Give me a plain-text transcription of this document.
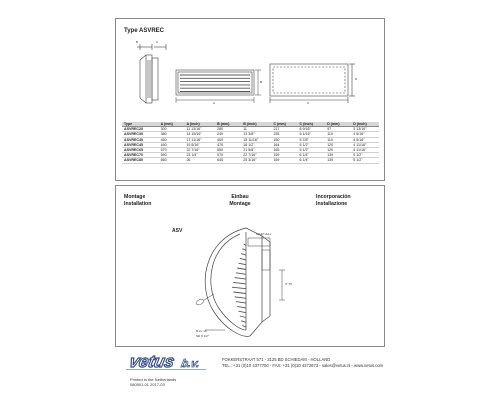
Type ASVREC
B	A
A
B
C
D
Type	A (mm)	A (inch)	B (mm)	B (inch)	C (mm)	C (inch)	D (mm)	D (inch)
ASVREC20	300	11 13/16"	280	11	217	8 9/16"	97	3 13/16"
ASVREC30	380	14 15/16"	240	13 3/8"	235	5 1/16"	110	4 5/16"
ASVREC40	450	17 11/16"	400	15 11/16"	150	5 7/8"	110	4 5/16"
ASVREC45	490	19 5/16"	470	18 1/2"	164	5 1/2"	120	4 11/16"
ASVREC65	570	22 7/16"	550	21 5/8"	165	5 1/2"	120	4 11/16"
ASVREC70	590	23 1/4"	570	22 7/16"	159	6 1/4"	139	5 1/2"
ASVREC80	660	26	640	25 3/16"	159	6 1/4"	139	5 1/2"
Montage
Installation
Einbau
Montage
Incorporación
Installazione
ASV
SCHIP HULL
3" 75
R.2+ 10
NR 8 1/2"
vetus b.v.	FOKKERSTRAAT 571 - 3125 BD SCHIEDAM - HOLLAND
TEL.: +31 (0)10 4377700 - FAX: +31 (0)10 4372673 - sales@vetus.nl - www.vetus.com
Printed in the Netherlands
080501.01 2017-03
